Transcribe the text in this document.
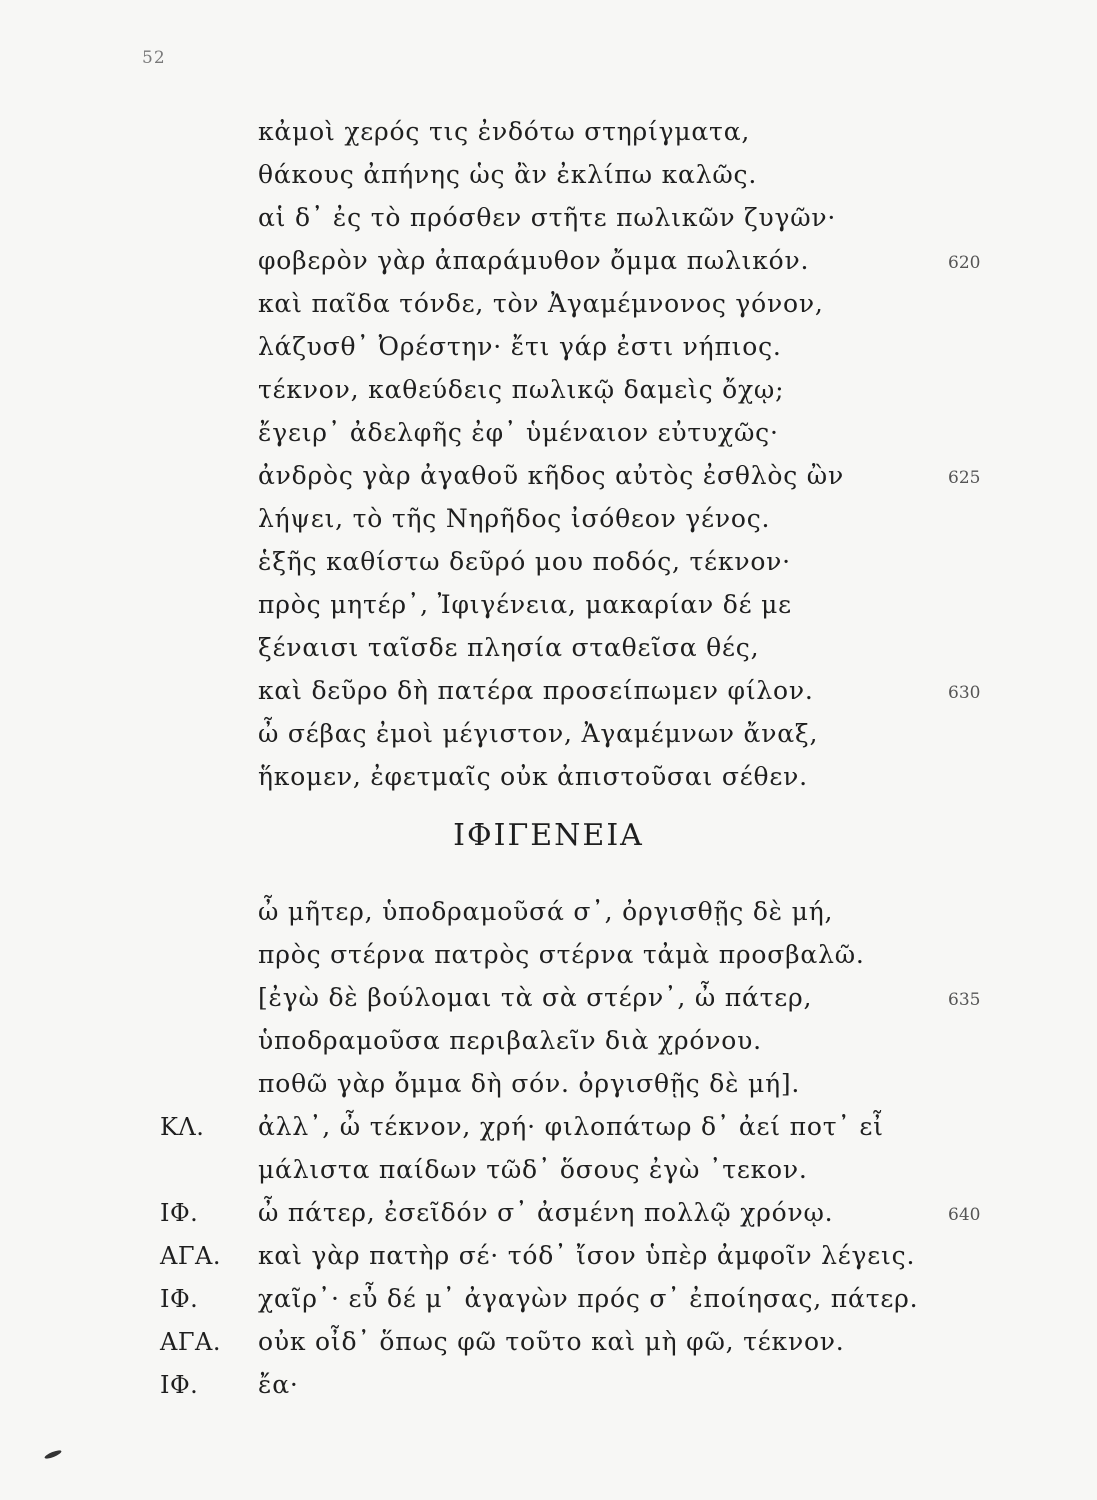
52
κἀμοὶ χερός τις ἐνδότω στηρίγματα,
θάκους ἀπήνης ὡς ἂν ἐκλίπω καλῶς.
αἱ δ᾽ ἐς τὸ πρόσθεν στῆτε πωλικῶν ζυγῶν·
φοβερὸν γὰρ ἀπαράμυθον ὄμμα πωλικόν.	620
καὶ παῖδα τόνδε, τὸν Ἀγαμέμνονος γόνον,
λάζυσθ᾽ Ὀρέστην· ἔτι γάρ ἐστι νήπιος.
τέκνον, καθεύδεις πωλικῷ δαμεὶς ὄχῳ;
ἔγειρ᾽ ἀδελφῆς ἐφ᾽ ὑμέναιον εὐτυχῶς·
ἀνδρὸς γὰρ ἀγαθοῦ κῆδος αὐτὸς ἐσθλὸς ὢν	625
λήψει, τὸ τῆς Νηρῆδος ἰσόθεον γένος.
ἑξῆς καθίστω δεῦρό μου ποδός, τέκνον·
πρὸς μητέρ᾽, Ἰφιγένεια, μακαρίαν δέ με
ξέναισι ταῖσδε πλησία σταθεῖσα θές,
καὶ δεῦρο δὴ πατέρα προσείπωμεν φίλον.	630
ὦ σέβας ἐμοὶ μέγιστον, Ἀγαμέμνων ἄναξ,
ἥκομεν, ἐφετμαῖς οὐκ ἀπιστοῦσαι σέθεν.
ΙΦΙΓΕΝΕΙΑ
ὦ μῆτερ, ὑποδραμοῦσά σ᾽, ὀργισθῇς δὲ μή,
πρὸς στέρνα πατρὸς στέρνα τἀμὰ προσβαλῶ.
[ἐγὼ δὲ βούλομαι τὰ σὰ στέρν᾽, ὦ πάτερ,	635
ὑποδραμοῦσα περιβαλεῖν διὰ χρόνου.
ποθῶ γὰρ ὄμμα δὴ σόν. ὀργισθῇς δὲ μή].
ΚΛ. ἀλλ᾽, ὦ τέκνον, χρή· φιλοπάτωρ δ᾽ ἀεί ποτ᾽ εἶ
μάλιστα παίδων τῶδ᾽ ὅσους ἐγὼ ᾽τεκον.
ΙΦ. ὦ πάτερ, ἐσεῖδόν σ᾽ ἀσμένη πολλῷ χρόνῳ.	640
ΑΓΑ. καὶ γὰρ πατὴρ σέ· τόδ᾽ ἴσον ὑπὲρ ἀμφοῖν λέγεις.
ΙΦ. χαῖρ᾽· εὖ δέ μ᾽ ἀγαγὼν πρός σ᾽ ἐποίησας, πάτερ.
ΑΓΑ. οὐκ οἶδ᾽ ὅπως φῶ τοῦτο καὶ μὴ φῶ, τέκνον.
ΙΦ. ἔα·
